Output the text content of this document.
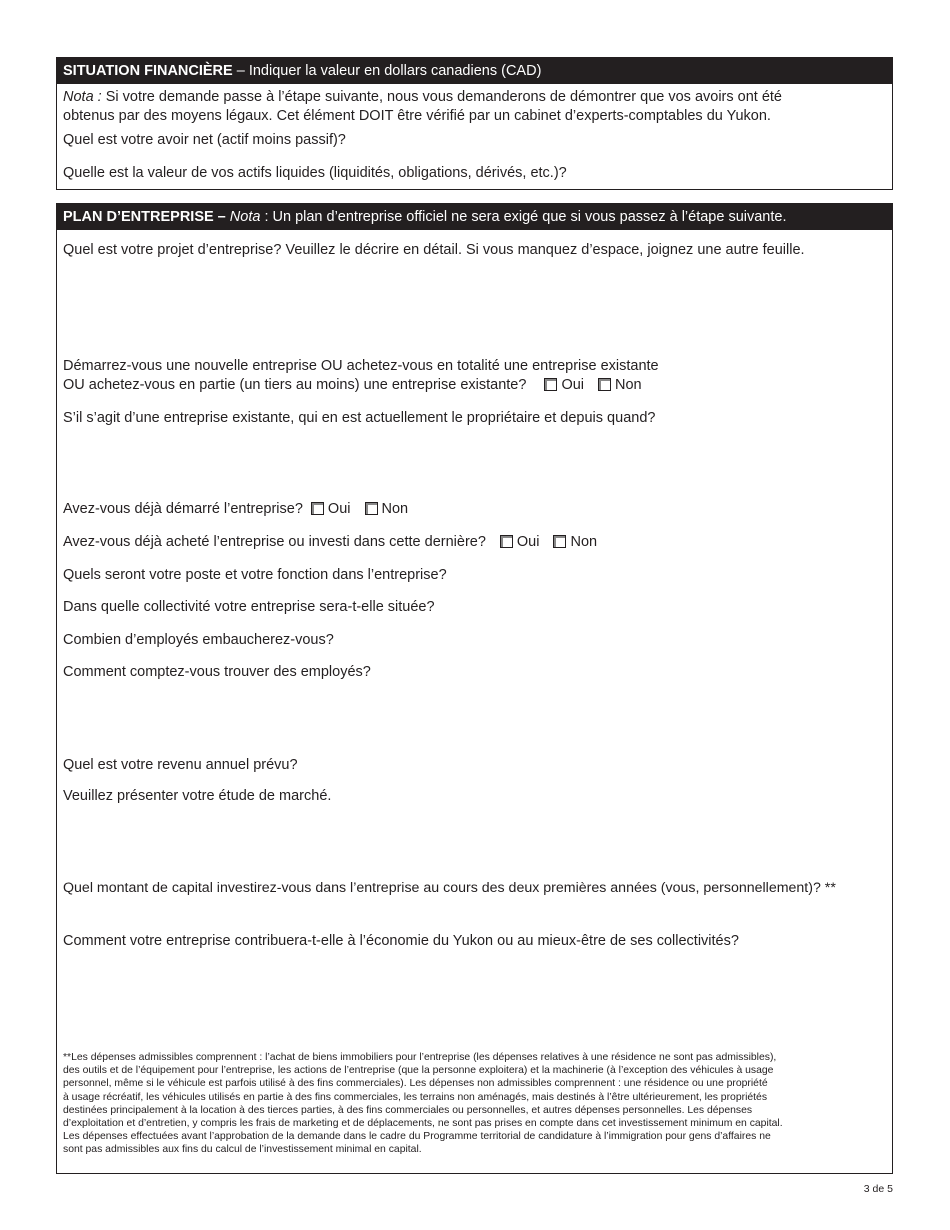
SITUATION FINANCIÈRE – Indiquer la valeur en dollars canadiens (CAD)
Nota : Si votre demande passe à l’étape suivante, nous vous demanderons de démontrer que vos avoirs ont été
obtenus par des moyens légaux. Cet élément DOIT être vérifié par un cabinet d’experts-comptables du Yukon.
Quel est votre avoir net (actif moins passif)?
Quelle est la valeur de vos actifs liquides (liquidités, obligations, dérivés, etc.)?
PLAN D’ENTREPRISE – Nota : Un plan d’entreprise officiel ne sera exigé que si vous passez à l’étape suivante.
Quel est votre projet d’entreprise? Veuillez le décrire en détail. Si vous manquez d’espace, joignez une autre feuille.
Démarrez-vous une nouvelle entreprise OU achetez-vous en totalité une entreprise existante
OU achetez-vous en partie (un tiers au moins) une entreprise existante? Oui Non
S’il s’agit d’une entreprise existante, qui en est actuellement le propriétaire et depuis quand?
Avez-vous déjà démarré l’entreprise? Oui Non
Avez-vous déjà acheté l’entreprise ou investi dans cette dernière? Oui Non
Quels seront votre poste et votre fonction dans l’entreprise?
Dans quelle collectivité votre entreprise sera-t-elle située?
Combien d’employés embaucherez-vous?
Comment comptez-vous trouver des employés?
Quel est votre revenu annuel prévu?
Veuillez présenter votre étude de marché.
Quel montant de capital investirez-vous dans l’entreprise au cours des deux premières années (vous, personnellement)? **
Comment votre entreprise contribuera-t-elle à l’économie du Yukon ou au mieux-être de ses collectivités?
**Les dépenses admissibles comprennent : l’achat de biens immobiliers pour l’entreprise (les dépenses relatives à une résidence ne sont pas admissibles),
des outils et de l’équipement pour l’entreprise, les actions de l’entreprise (que la personne exploitera) et la machinerie (à l’exception des véhicules à usage
personnel, même si le véhicule est parfois utilisé à des fins commerciales). Les dépenses non admissibles comprennent : une résidence ou une propriété
à usage récréatif, les véhicules utilisés en partie à des fins commerciales, les terrains non aménagés, mais destinés à l’être ultérieurement, les propriétés
destinées principalement à la location à des tierces parties, à des fins commerciales ou personnelles, et autres dépenses personnelles. Les dépenses
d’exploitation et d’entretien, y compris les frais de marketing et de déplacements, ne sont pas prises en compte dans cet investissement minimum en capital.
Les dépenses effectuées avant l’approbation de la demande dans le cadre du Programme territorial de candidature à l’immigration pour gens d’affaires ne
sont pas admissibles aux fins du calcul de l’investissement minimal en capital.
3 de 5
